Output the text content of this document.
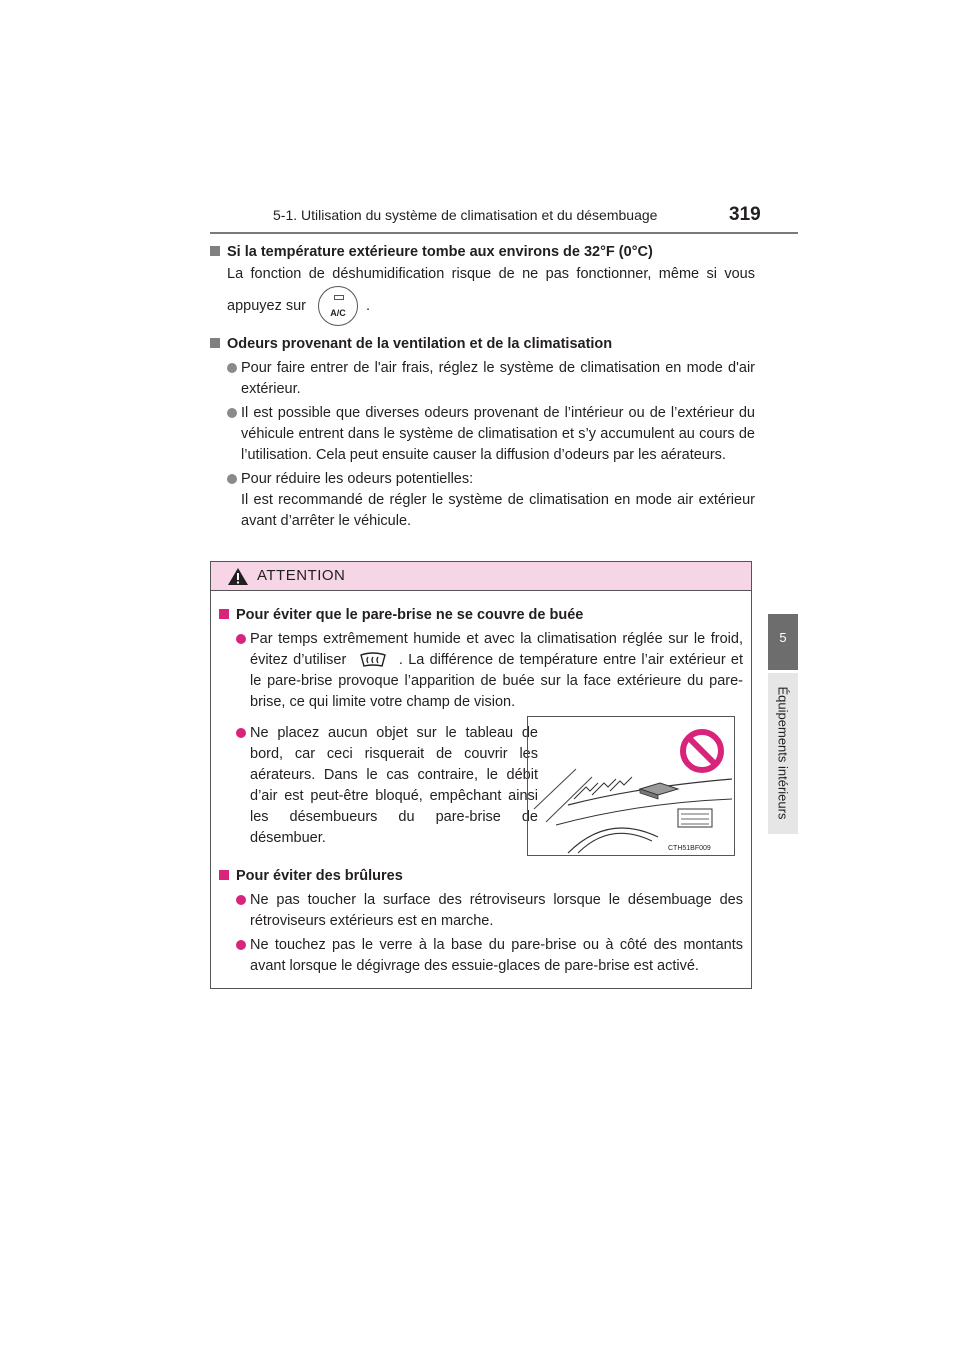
5-1. Utilisation du système de climatisation et du désembuage	319
5
Équipements intérieurs
Si la température extérieure tombe aux environs de 32°F (0°C)
La fonction de déshumidification risque de ne pas fonctionner, même si vous appuyez sur	A/C	.
Odeurs provenant de la ventilation et de la climatisation
Pour faire entrer de l'air frais, réglez le système de climatisation en mode d'air extérieur.
Il est possible que diverses odeurs provenant de l’intérieur ou de l’extérieur du véhicule entrent dans le système de climatisation et s’y accumulent au cours de l’utilisation. Cela peut ensuite causer la diffusion d’odeurs par les aérateurs.
Pour réduire les odeurs potentielles:
Il est recommandé de régler le système de climatisation en mode air extérieur avant d’arrêter le véhicule.
ATTENTION
Pour éviter que le pare-brise ne se couvre de buée
Par temps extrêmement humide et avec la climatisation réglée sur le froid, évitez d’utiliser	. La différence de température entre l’air extérieur et le pare-brise provoque l’apparition de buée sur la face extérieure du pare-brise, ce qui limite votre champ de vision.
Ne placez aucun objet sur le tableau de bord, car ceci risquerait de couvrir les aérateurs. Dans le cas contraire, le débit d’air est peut-être bloqué, empêchant ainsi les désembueurs du pare-brise de désembuer.
Pour éviter des brûlures
Ne pas toucher la surface des rétroviseurs lorsque le désembuage des rétroviseurs extérieurs est en marche.
Ne touchez pas le verre à la base du pare-brise ou à côté des montants avant lorsque le dégivrage des essuie-glaces de pare-brise est activé.
CTH51BF009
